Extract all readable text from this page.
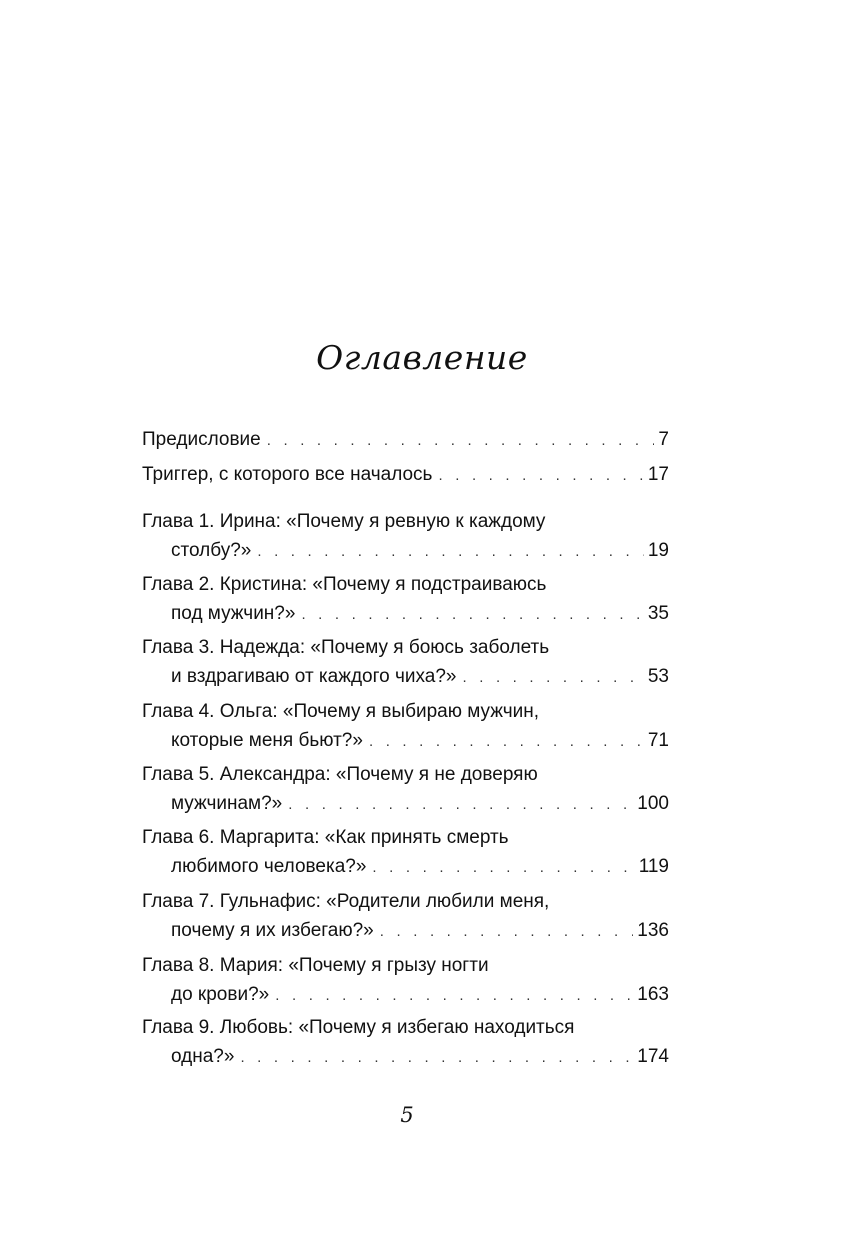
Оглавление
Предисловие . . .	7
Триггер, с которого все началось . . .	17
Глава 1. Ирина: «Почему я ревную к каждому
столбу?» . . .	19
Глава 2. Кристина: «Почему я подстраиваюсь
под мужчин?» . . .	35
Глава 3. Надежда: «Почему я боюсь заболеть
и вздрагиваю от каждого чиха?» . . .	53
Глава 4. Ольга: «Почему я выбираю мужчин,
которые меня бьют?» . . .	71
Глава 5. Александра: «Почему я не доверяю
мужчинам?» . . .	100
Глава 6. Маргарита: «Как принять смерть
любимого человека?» . . .	119
Глава 7. Гульнафис: «Родители любили меня,
почему я их избегаю?» . . .	136
Глава 8. Мария: «Почему я грызу ногти
до крови?» . . .	163
Глава 9. Любовь: «Почему я избегаю находиться
одна?» . . .	174
5
